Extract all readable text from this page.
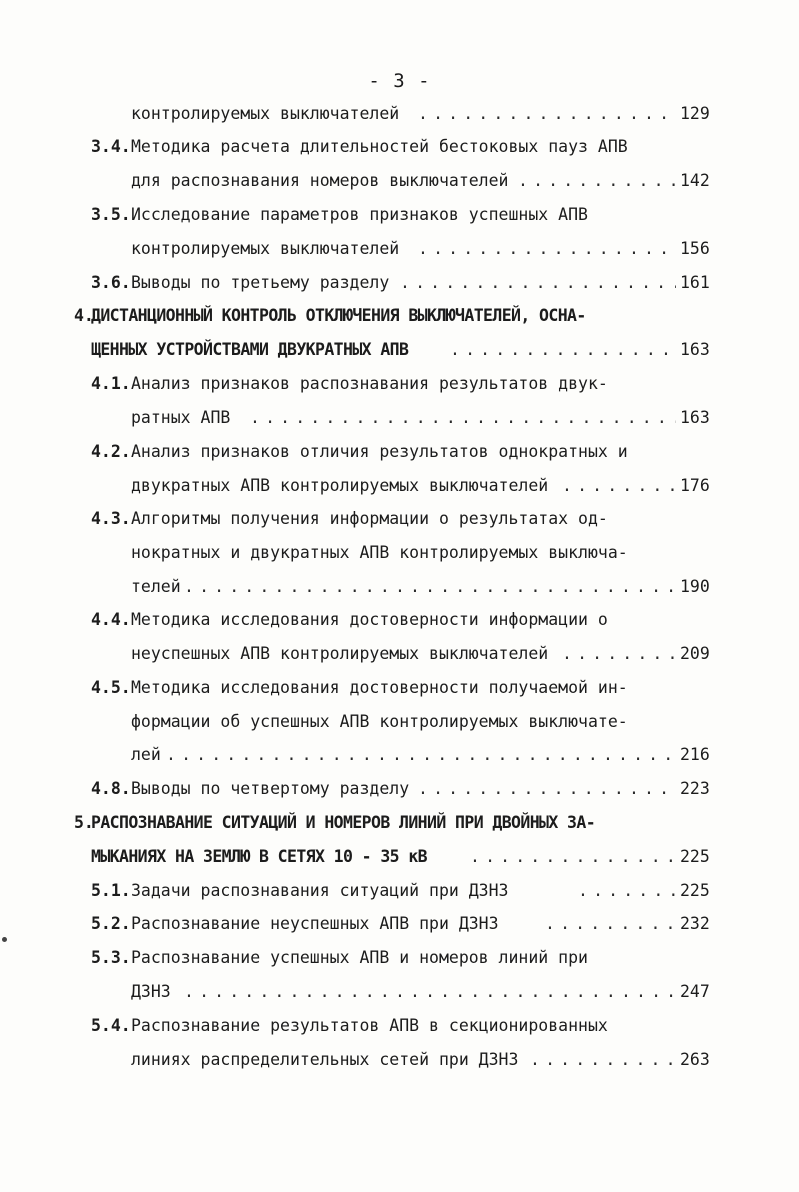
- 3 -
контролируемых выключателей . . .	129
3.4. Методика расчета длительностей бестоковых пауз АПВ
для распознавания номеров выключателей . . .	142
3.5. Исследование параметров признаков успешных АПВ
контролируемых выключателей . . .	156
3.6. Выводы по третьему разделу . . .	161
4.
ДИСТАНЦИОННЫЙ КОНТРОЛЬ ОТКЛЮЧЕНИЯ ВЫКЛЮЧАТЕЛЕЙ, ОСНА-
ЩЕННЫХ УСТРОЙСТВАМИ ДВУКРАТНЫХ АПВ . . .	163
4.1. Анализ признаков распознавания результатов двук-
ратных АПВ . . .	163
4.2. Анализ признаков отличия результатов однократных и
двукратных АПВ контролируемых выключателей . . .	176
4.3. Алгоритмы получения информации о результатах од-
нократных и двукратных АПВ контролируемых выключа-
телей . . .	190
4.4. Методика исследования достоверности информации о
неуспешных АПВ контролируемых выключателей . . .	209
4.5. Методика исследования достоверности получаемой ин-
формации об успешных АПВ контролируемых выключате-
лей . . .	216
4.8. Выводы по четвертому разделу . . .	223
5.
РАСПОЗНАВАНИЕ СИТУАЦИЙ И НОМЕРОВ ЛИНИЙ ПРИ ДВОЙНЫХ ЗА-
МЫКАНИЯХ НА ЗЕМЛЮ В СЕТЯХ 10 - 35 кВ . . .	225
5.1. Задачи распознавания ситуаций при ДЗНЗ . . .	225
5.2. Распознавание неуспешных АПВ при ДЗНЗ . . .	232
5.3. Распознавание успешных АПВ и номеров линий при
ДЗНЗ . . .	247
5.4. Распознавание результатов АПВ в секционированных
линиях распределительных сетей при ДЗНЗ . . .	263
